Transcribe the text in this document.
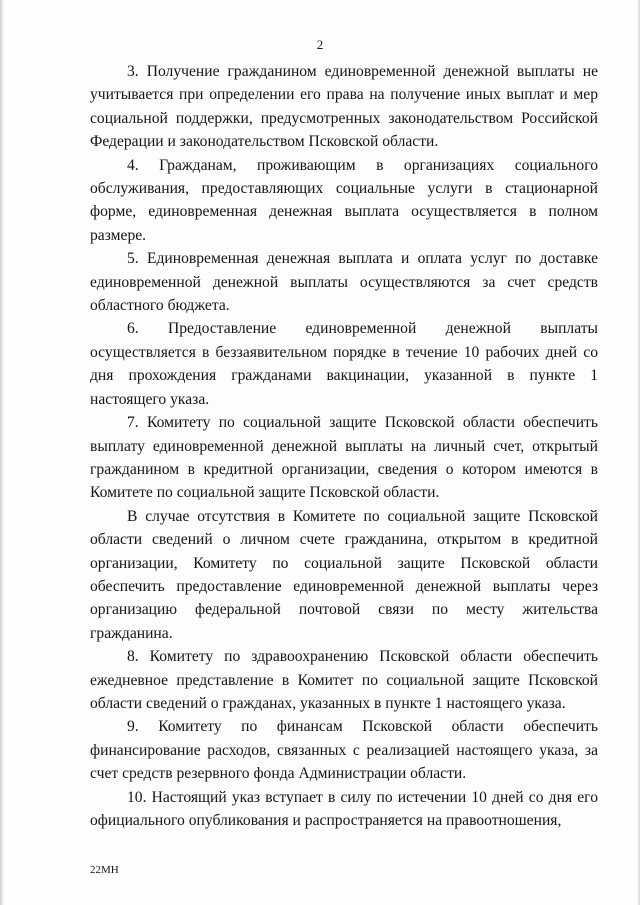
2

3. Получение гражданином единовременной денежной выплаты не учитывается при определении его права на получение иных выплат и мер социальной поддержки, предусмотренных законодательством Российской Федерации и законодательством Псковской области.

4. Гражданам, проживающим в организациях социального обслуживания, предоставляющих социальные услуги в стационарной форме, единовременная денежная выплата осуществляется в полном размере.

5. Единовременная денежная выплата и оплата услуг по доставке единовременной денежной выплаты осуществляются за счет средств областного бюджета.

6. Предоставление единовременной денежной выплаты осуществляется в беззаявительном порядке в течение 10 рабочих дней со дня прохождения гражданами вакцинации, указанной в пункте 1 настоящего указа.

7. Комитету по социальной защите Псковской области обеспечить выплату единовременной денежной выплаты на личный счет, открытый гражданином в кредитной организации, сведения о котором имеются в Комитете по социальной защите Псковской области.

В случае отсутствия в Комитете по социальной защите Псковской области сведений о личном счете гражданина, открытом в кредитной организации, Комитету по социальной защите Псковской области обеспечить предоставление единовременной денежной выплаты через организацию федеральной почтовой связи по месту жительства гражданина.

8. Комитету по здравоохранению Псковской области обеспечить ежедневное представление в Комитет по социальной защите Псковской области сведений о гражданах, указанных в пункте 1 настоящего указа.

9. Комитету по финансам Псковской области обеспечить финансирование расходов, связанных с реализацией настоящего указа, за счет средств резервного фонда Администрации области.

10. Настоящий указ вступает в силу по истечении 10 дней со дня его официального опубликования и распространяется на правоотношения,

22МН
